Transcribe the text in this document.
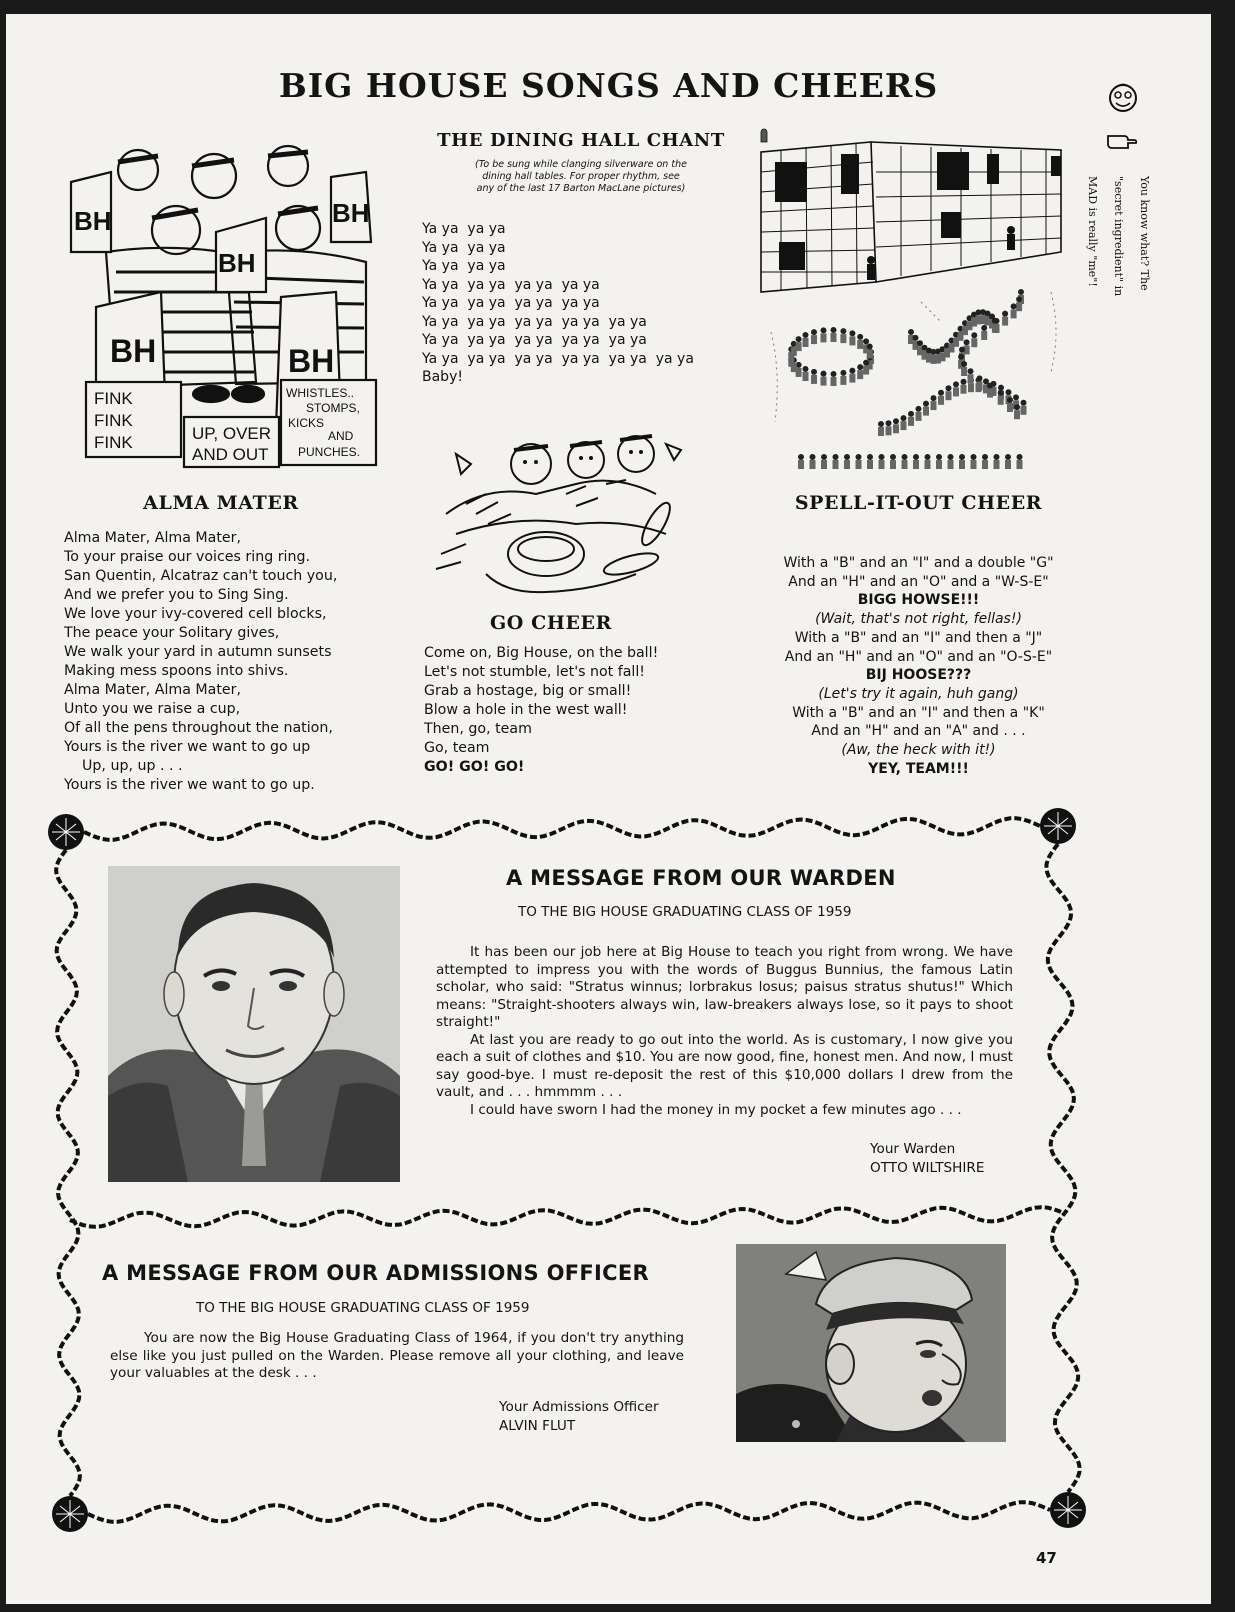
BIG HOUSE SONGS AND CHEERS

You know what? The

"secret ingredient" in

MAD is really "me"!

BH
BH
BH
BH	BH
FINK
FINK
FINK	UP, OVER
AND OUT
WHISTLES..
STOMPS,
KICKS
AND
PUNCHES.
ALMA MATER
Alma Mater, Alma Mater,
To your praise our voices ring ring.
San Quentin, Alcatraz can't touch you,
And we prefer you to Sing Sing.
We love your ivy-covered cell blocks,
The peace your Solitary gives,
We walk your yard in autumn sunsets
Making mess spoons into shivs.
Alma Mater, Alma Mater,
Unto you we raise a cup,
Of all the pens throughout the nation,
Yours is the river we want to go up
Up, up, up . . .
Yours is the river we want to go up.
THE DINING HALL CHANT
(To be sung while clanging silverware on the
dining hall tables. For proper rhythm, see
any of the last 17 Barton MacLane pictures)
Ya ya  ya ya
Ya ya  ya ya
Ya ya  ya ya
Ya ya  ya ya  ya ya  ya ya
Ya ya  ya ya  ya ya  ya ya
Ya ya  ya ya  ya ya  ya ya  ya ya
Ya ya  ya ya  ya ya  ya ya  ya ya
Ya ya  ya ya  ya ya  ya ya  ya ya  ya ya
Baby!
GO CHEER
Come on, Big House, on the ball!
Let's not stumble, let's not fall!
Grab a hostage, big or small!
Blow a hole in the west wall!
Then, go, team
Go, team
GO! GO! GO!
SPELL-IT-OUT CHEER
With a "B" and an "I" and a double "G"
And an "H" and an "O" and a "W-S-E"
BIGG HOWSE!!!
(Wait, that's not right, fellas!)
With a "B" and an "I" and then a "J"
And an "H" and an "O" and an "O-S-E"
BIJ HOOSE???
(Let's try it again, huh gang)
With a "B" and an "I" and then a "K"
And an "H" and an "A" and . . .
(Aw, the heck with it!)
YEY, TEAM!!!
A MESSAGE FROM OUR WARDEN
TO THE BIG HOUSE GRADUATING CLASS OF 1959

It has been our job here at Big House to teach you right from wrong. We have attempted to impress you with the words of Buggus Bunnius, the famous Latin scholar, who said: "Stratus winnus; lorbrakus losus; paisus stratus shutus!" Which means: "Straight-shooters always win, law-breakers always lose, so it pays to shoot straight!"

At last you are ready to go out into the world. As is customary, I now give you each a suit of clothes and $10. You are now good, fine, honest men. And now, I must say good-bye. I must re-deposit the rest of this $10,000 dollars I drew from the vault, and . . . hmmmm . . .

I could have sworn I had the money in my pocket a few minutes ago . . .

Your Warden
OTTO WILTSHIRE
A MESSAGE FROM OUR ADMISSIONS OFFICER
TO THE BIG HOUSE GRADUATING CLASS OF 1959

You are now the Big House Graduating Class of 1964, if you don't try anything else like you just pulled on the Warden. Please remove all your clothing, and leave your valuables at the desk . . .

Your Admissions Officer
ALVIN FLUT
47
